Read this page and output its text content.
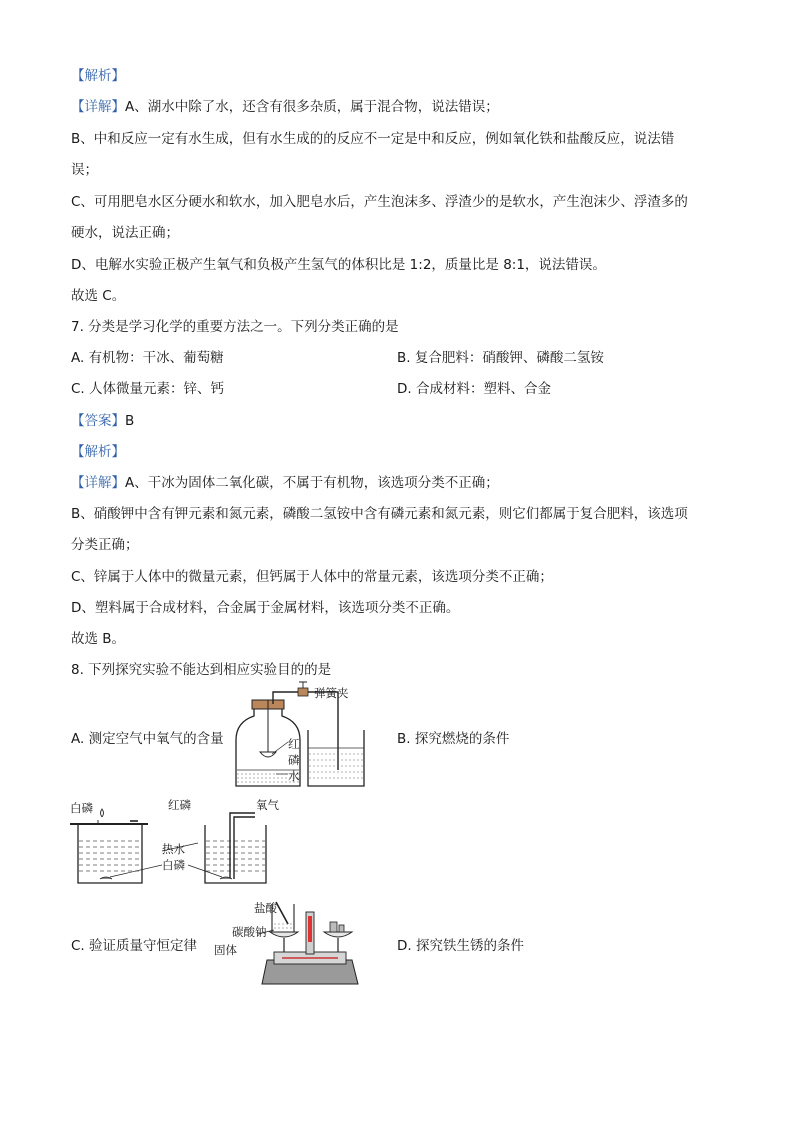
【解析】
【详解】A、湖水中除了水，还含有很多杂质，属于混合物，说法错误；
B、中和反应一定有水生成，但有水生成的的反应不一定是中和反应，例如氧化铁和盐酸反应，说法错
误；
C、可用肥皂水区分硬水和软水，加入肥皂水后，产生泡沫多、浮渣少的是软水，产生泡沫少、浮渣多的
硬水，说法正确；
D、电解水实验正极产生氧气和负极产生氢气的体积比是 1:2，质量比是 8:1，说法错误。
故选 C。
7. 分类是学习化学的重要方法之一。下列分类正确的是
A. 有机物：干冰、葡萄糖	B. 复合肥料：硝酸钾、磷酸二氢铵
C. 人体微量元素：锌、钙	D. 合成材料：塑料、合金
【答案】B
【解析】
【详解】A、干冰为固体二氧化碳，不属于有机物，该选项分类不正确；
B、硝酸钾中含有钾元素和氮元素，磷酸二氢铵中含有磷元素和氮元素，则它们都属于复合肥料，该选项
分类正确；
C、锌属于人体中的微量元素，但钙属于人体中的常量元素，该选项分类不正确；
D、塑料属于合成材料，合金属于金属材料，该选项分类不正确。
故选 B。
8. 下列探究实验不能达到相应实验目的的是
A. 测定空气中氧气的含量	B. 探究燃烧的条件
弹簧夹
红
磷
水
白磷	红磷	氧气
热水
白磷
盐酸
碳酸钠
固体
C. 验证质量守恒定律	D. 探究铁生锈的条件
